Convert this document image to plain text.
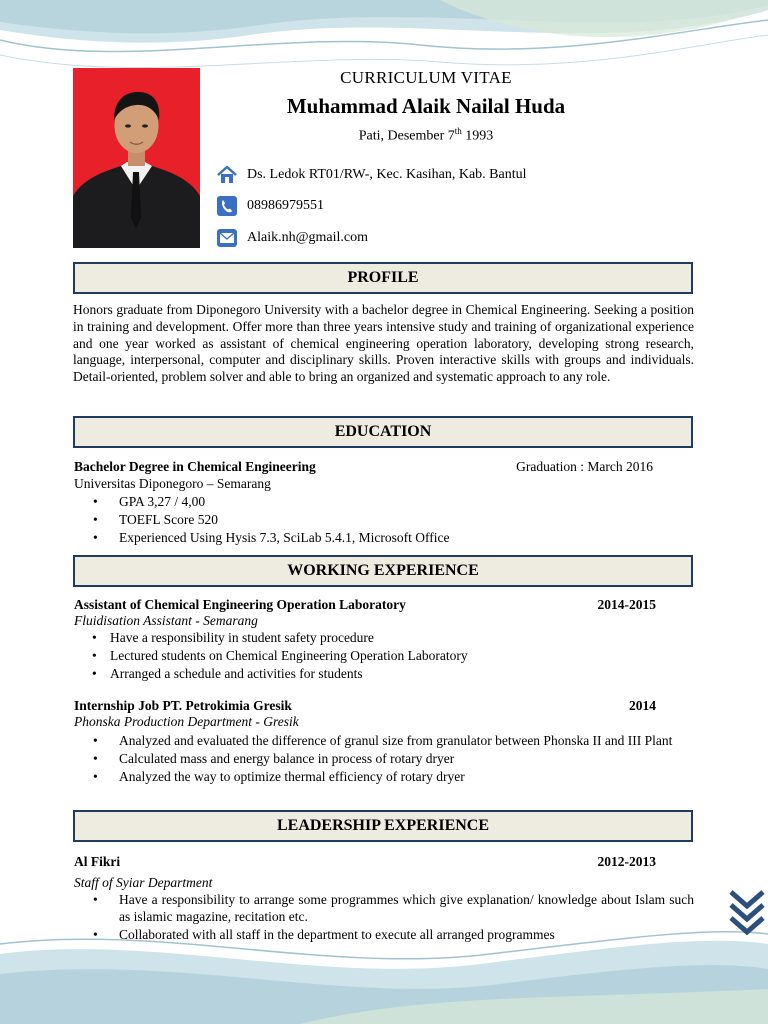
CURRICULUM VITAE
Muhammad Alaik Nailal Huda
Pati, Desember 7th 1993
Ds. Ledok RT01/RW-, Kec. Kasihan, Kab. Bantul
08986979551
Alaik.nh@gmail.com
PROFILE
Honors graduate from Diponegoro University with a bachelor degree in Chemical Engineering. Seeking a position in training and development. Offer more than three years intensive study and training of organizational experience and one year worked as assistant of chemical engineering operation laboratory, developing strong research, language, interpersonal, computer and disciplinary skills. Proven interactive skills with groups and individuals. Detail-oriented, problem solver and able to bring an organized and systematic approach to any role.
EDUCATION
Bachelor Degree in Chemical Engineering	Graduation : March 2016
Universitas Diponegoro – Semarang
• GPA 3,27 / 4,00
• TOEFL Score 520
• Experienced Using Hysis 7.3, SciLab 5.4.1, Microsoft Office
WORKING EXPERIENCE
Assistant of Chemical Engineering Operation Laboratory	2014-2015
Fluidisation Assistant - Semarang
• Have a responsibility in student safety procedure
• Lectured students on Chemical Engineering Operation Laboratory
• Arranged a schedule and activities for students
Internship Job PT. Petrokimia Gresik	2014
Phonska Production Department - Gresik
• Analyzed and evaluated the difference of granul size from granulator between Phonska II and III Plant
• Calculated mass and energy balance in process of rotary dryer
• Analyzed the way to optimize thermal efficiency of rotary dryer
LEADERSHIP EXPERIENCE
Al Fikri	2012-2013
Staff of Syiar Department
• Have a responsibility to arrange some programmes which give explanation/ knowledge about Islam such as islamic magazine, recitation etc.
• Collaborated with all staff in the department to execute all arranged programmes
